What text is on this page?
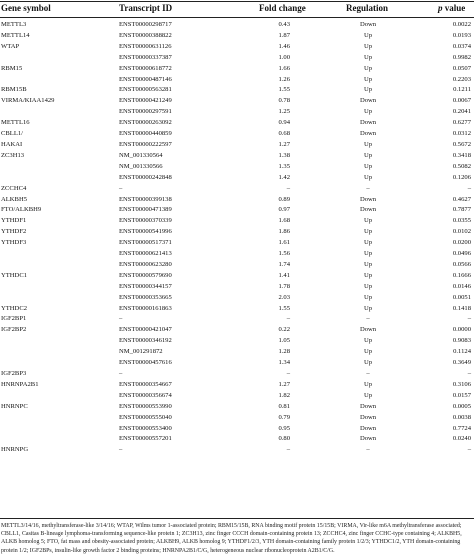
Gene symbol	Transcript ID	Fold change	Regulation	p value
METTL3	ENST00000298717	0.43	Down	0.0022
METTL14	ENST00000388822	1.87	Up	0.0193
WTAP	ENST00000631126	1.46	Up	0.0374
ENST00000337387	1.00	Up	0.9982
RBM15	ENST00000618772	1.66	Up	0.0507
ENST00000487146	1.26	Up	0.2203
RBM15B	ENST00000563281	1.55	Up	0.1211
VIRMA/KIAA1429	ENST00000421249	0.78	Down	0.0067
ENST00000297591	1.25	Up	0.2041
METTL16	ENST00000263092	0.94	Down	0.6277
CBLL1/	ENST00000440859	0.68	Down	0.0312
HAKAI	ENST00000222597	1.27	Up	0.5672
ZC3H13	NM_001330564	1.38	Up	0.3418
NM_001330566	1.35	Up	0.5082
ENST00000242848	1.42	Up	0.1206
ZCCHC4	–	–	–	–
ALKBH5	ENST00000399138	0.89	Down	0.4627
FTO/ALKBH9	ENST00000471389	0.97	Down	0.7877
YTHDF1	ENST00000370339	1.68	Up	0.0355
YTHDF2	ENST00000541996	1.86	Up	0.0102
YTHDF3	ENST00000517371	1.61	Up	0.0200
ENST00000621413	1.56	Up	0.0496
ENST00000623280	1.74	Up	0.0566
YTHDC1	ENST00000579690	1.41	Up	0.1666
ENST00000344157	1.78	Up	0.0146
ENST00000353665	2.03	Up	0.0051
YTHDC2	ENST00000161863	1.55	Up	0.1418
IGF2BP1	–	–	–	–
IGF2BP2	ENST00000421047	0.22	Down	0.0000
ENST00000346192	1.05	Up	0.9083
NM_001291872	1.28	Up	0.1124
ENST00000457616	1.34	Up	0.3649
IGF2BP3	–	–	–	–
HNRNPA2B1	ENST00000354667	1.27	Up	0.3106
ENST00000356674	1.82	Up	0.0157
HNRNPC	ENST00000553990	0.81	Down	0.0005
ENST00000555040	0.79	Down	0.0038
ENST00000553400	0.95	Down	0.7724
ENST00000557201	0.80	Down	0.0240
HNRNPG	–	–	–	–
METTL3/14/16, methyltransferase-like 3/14/16; WTAP, Wilms tumor 1-associated protein; RBM15/15B, RNA binding motif protein 15/15B; VIRMA, Vir-like m6A methyltransferase associated; CBLL1, Casitas B-lineage lymphoma-transforming sequence-like protein 1; ZC3H13, zinc finger CCCH domain-containing protein 13; ZCCHC4, zinc finger CCHC-type containing 4; ALKBH5, ALKB homolog 5; FTO, fat mass and obesity-associated protein; ALKBH9, ALKB homolog 9; YTHDF1/2/3, YTH domain-containing family protein 1/2/3; YTHDC1/2, YTH domain-containing protein 1/2; IGF2BPs, insulin-like growth factor 2 binding proteins; HNRNPA2B1/C/G, heterogeneous nuclear ribonucleoprotein A2B1/C/G.
